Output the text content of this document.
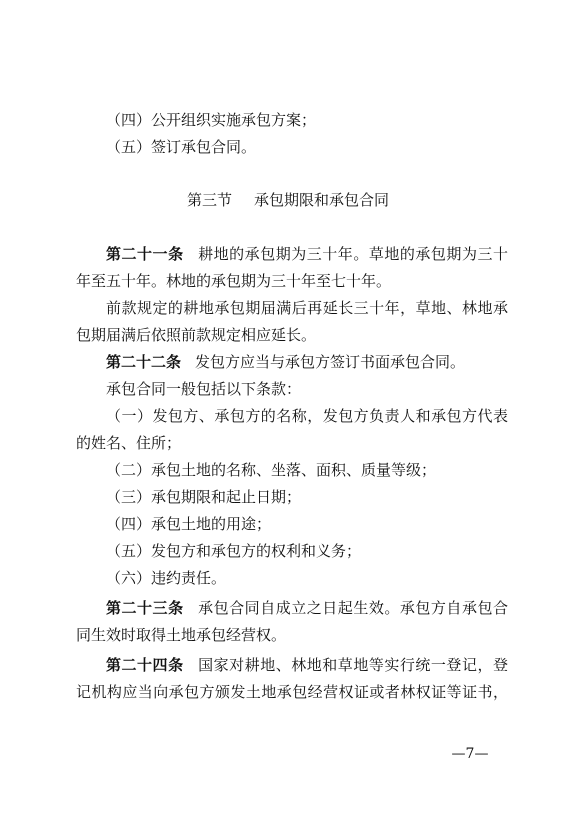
（四）公开组织实施承包方案；
（五）签订承包合同。
第三节 承包期限和承包合同
第二十一条 耕地的承包期为三十年。草地的承包期为三十
年至五十年。林地的承包期为三十年至七十年。
前款规定的耕地承包期届满后再延长三十年，草地、林地承
包期届满后依照前款规定相应延长。
第二十二条 发包方应当与承包方签订书面承包合同。
承包合同一般包括以下条款：
（一）发包方、承包方的名称，发包方负责人和承包方代表
的姓名、住所；
（二）承包土地的名称、坐落、面积、质量等级；
（三）承包期限和起止日期；
（四）承包土地的用途；
（五）发包方和承包方的权利和义务；
（六）违约责任。
第二十三条 承包合同自成立之日起生效。承包方自承包合
同生效时取得土地承包经营权。
第二十四条 国家对耕地、林地和草地等实行统一登记，登
记机构应当向承包方颁发土地承包经营权证或者林权证等证书，
—7—
